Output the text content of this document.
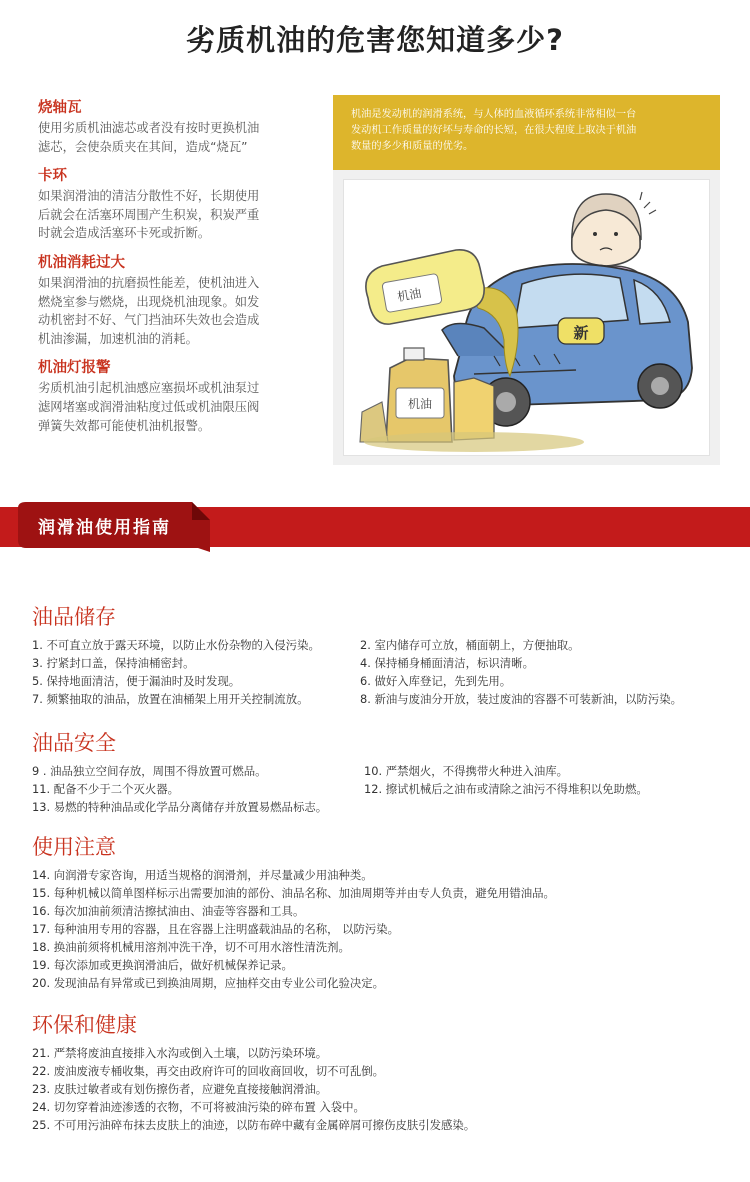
劣质机油的危害您知道多少?
烧轴瓦
使用劣质机油滤芯或者没有按时更换机油
滤芯，会使杂质夹在其间，造成“烧瓦”
卡环
如果润滑油的清洁分散性不好，长期使用
后就会在活塞环周围产生积炭，积炭严重
时就会造成活塞环卡死或折断。
机油消耗过大
如果润滑油的抗磨损性能差，使机油进入
燃烧室参与燃烧，出现烧机油现象。如发
动机密封不好、气门挡油环失效也会造成
机油渗漏，加速机油的消耗。
机油灯报警
劣质机油引起机油感应塞损坏或机油泵过
滤网堵塞或润滑油粘度过低或机油限压阀
弹簧失效都可能使机油机报警。
机油是发动机的润滑系统，与人体的血液循环系统非常相似一台
发动机工作质量的好坏与寿命的长短，在很大程度上取决于机油
数量的多少和质量的优劣。
新
机油
机油
润滑油使用指南
油品储存
1. 不可直立放于露天环境，以防止水份杂物的入侵污染。	2. 室内储存可立放，桶面朝上，方便抽取。
3. 拧紧封口盖，保持油桶密封。	4. 保持桶身桶面清洁，标识清晰。
5. 保持地面清洁，便于漏油时及时发现。	6. 做好入库登记，先到先用。
7. 频繁抽取的油品，放置在油桶架上用开关控制流放。	8. 新油与废油分开放，装过废油的容器不可装新油，以防污染。
油品安全
9 . 油品独立空间存放，周围不得放置可燃品。	10. 严禁烟火，不得携带火种进入油库。
11. 配备不少于二个灭火器。	12. 擦试机械后之油布或清除之油污不得堆积以免助燃。
13. 易燃的特种油品或化学品分离储存并放置易燃品标志。
使用注意
14. 向润滑专家咨询，用适当规格的润滑剂，并尽量减少用油种类。
15. 每种机械以简单图样标示出需要加油的部份、油品名称、加油周期等并由专人负责，避免用错油品。
16. 每次加油前须清洁擦拭油由、油壶等容器和工具。
17. 每种油用专用的容器，且在容器上注明盛载油品的名称， 以防污染。
18. 换油前须将机械用溶剂冲洗干净，切不可用水溶性清洗剂。
19. 每次添加或更换润滑油后，做好机械保养记录。
20. 发现油品有异常或已到换油周期，应抽样交由专业公司化验决定。
环保和健康
21. 严禁将废油直接排入水沟或倒入土壤，以防污染环境。
22. 废油废液专桶收集，再交由政府许可的回收商回收，切不可乱倒。
23. 皮肤过敏者或有划伤擦伤者，应避免直接接触润滑油。
24. 切勿穿着油迹渗透的衣物，不可将被油污染的碎布置 入袋中。
25. 不可用污油碎布抹去皮肤上的油迹，以防布碎中藏有金属碎屑可擦伤皮肤引发感染。
